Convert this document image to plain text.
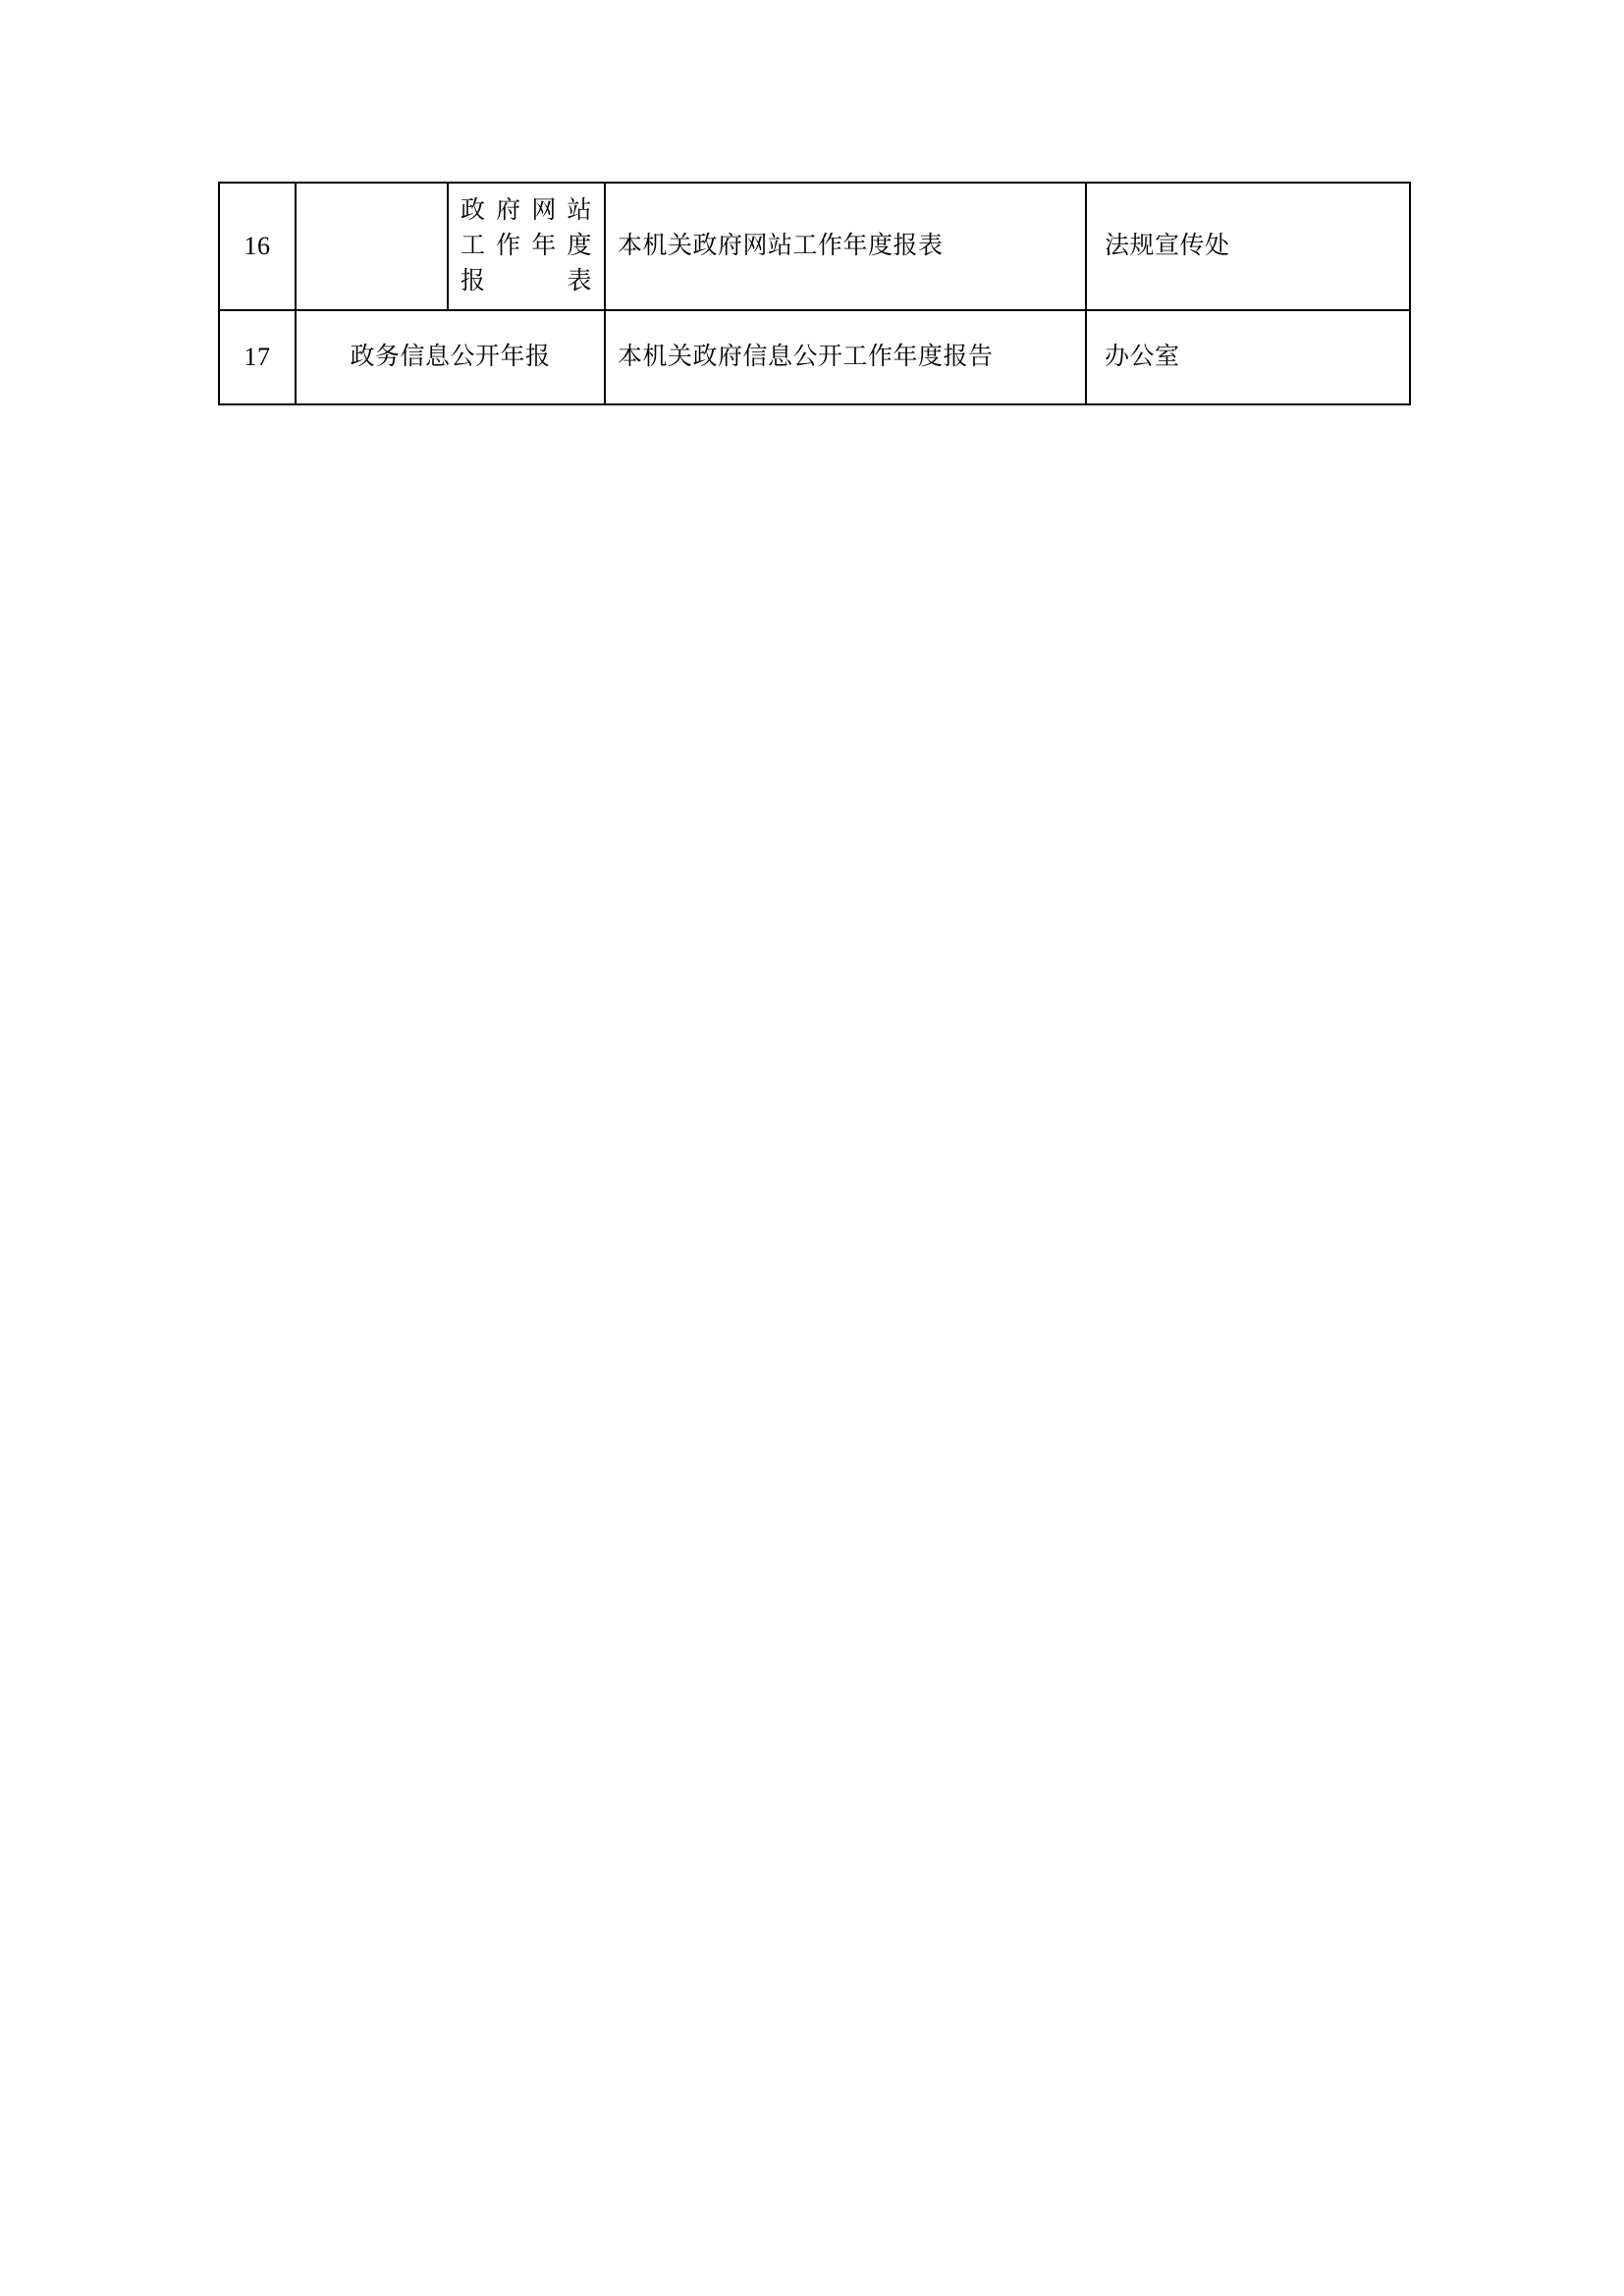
16		政府网站
工作年度
报表	本机关政府网站工作年度报表	法规宣传处
17	政务信息公开年报		本机关政府信息公开工作年度报告	办公室
